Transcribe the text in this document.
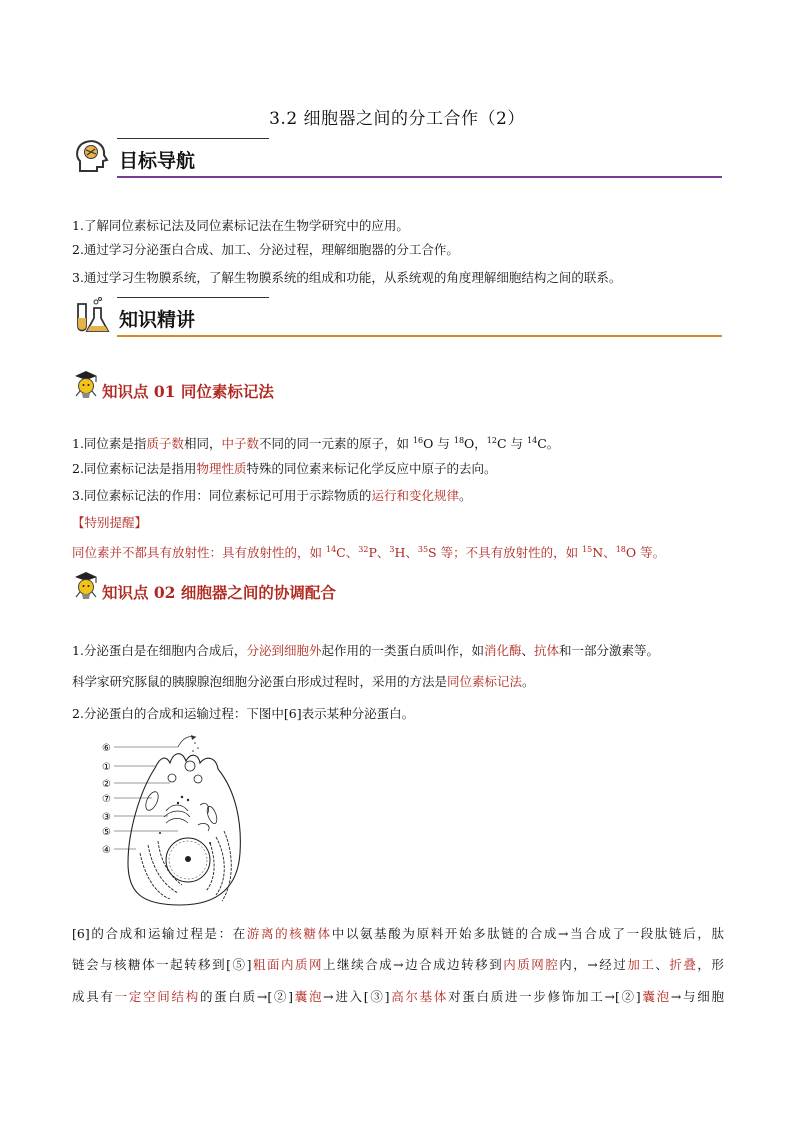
3.2 细胞器之间的分工合作（2）
目标导航
1.了解同位素标记法及同位素标记法在生物学研究中的应用。
2.通过学习分泌蛋白合成、加工、分泌过程，理解细胞器的分工合作。
3.通过学习生物膜系统，了解生物膜系统的组成和功能，从系统观的角度理解细胞结构之间的联系。
知识精讲
知识点 01 同位素标记法
1.同位素是指质子数相同，中子数不同的同一元素的原子，如 $^{16}$O 与 $^{18}$O，$^{12}$C 与 $^{14}$C。
2.同位素标记法是指用物理性质特殊的同位素来标记化学反应中原子的去向。
3.同位素标记法的作用：同位素标记可用于示踪物质的运行和变化规律。
【特别提醒】
同位素并不都具有放射性：具有放射性的，如 $^{14}$C、$^{32}$P、$^3$H、$^{35}$S 等；不具有放射性的，如 $^{15}$N、$^{18}$O 等。
知识点 02 细胞器之间的协调配合
1.分泌蛋白是在细胞内合成后，分泌到细胞外起作用的一类蛋白质叫作，如消化酶、抗体和一部分激素等。
科学家研究豚鼠的胰腺腺泡细胞分泌蛋白形成过程时，采用的方法是同位素标记法。
2.分泌蛋白的合成和运输过程：下图中[6]表示某种分泌蛋白。
⑥
①
②
⑦
③
⑤
④
[6]的合成和运输过程是：在游离的核糖体中以氨基酸为原料开始多肽链的合成→当合成了一段肽链后，肽
链会与核糖体一起转移到[⑤]粗面内质网上继续合成→边合成边转移到内质网腔内，→经过加工、折叠，形
成具有一定空间结构的蛋白质→[②]囊泡→进入[③]高尔基体对蛋白质进一步修饰加工→[②]囊泡→与细胞
